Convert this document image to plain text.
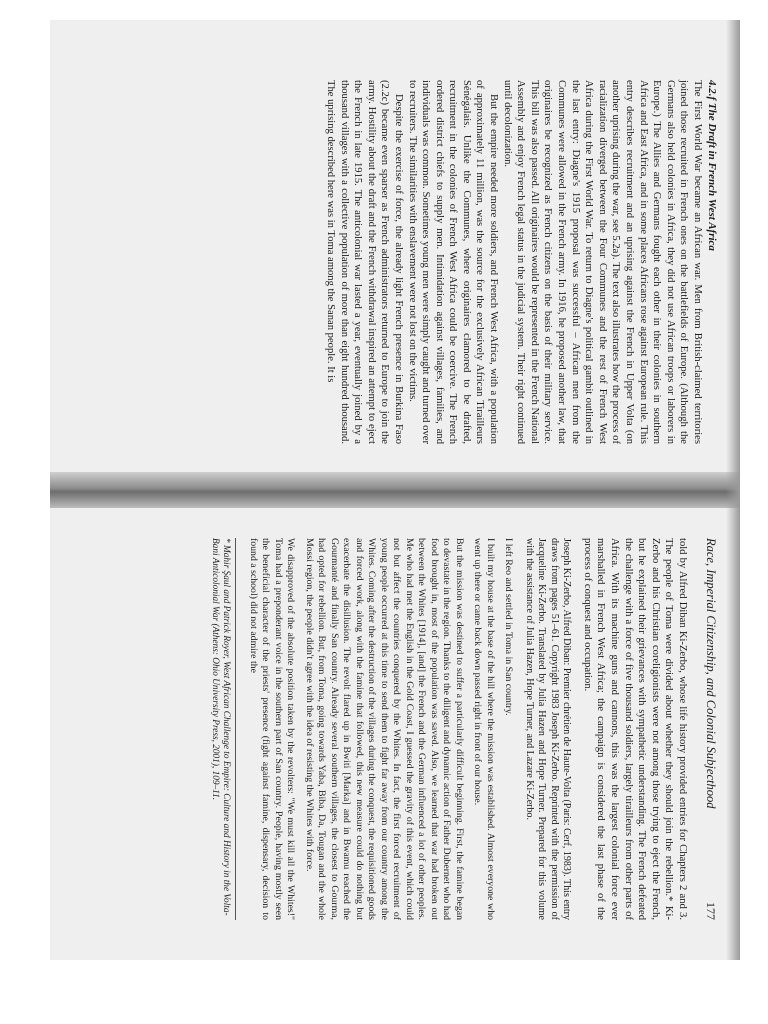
4.2.f The Draft in French West Africa

The First World War became an African war. Men from British-claimed territories joined those recruited in French ones on the battlefields of Europe. (Although the Germans also held colonies in Africa, they did not use African troops or laborers in Europe.) The Allies and Germans fought each other in their colonies in southern Africa and East Africa, and in some places Africans rose against European rule. This entry describes recruitment and an uprising against the French in Upper Volta (on another uprising during the war, see 5.2a). The text also illustrates how the process of racialization diverged between the Four Communes and the rest of French West Africa during the First World War. To return to Diagne's political gambit outlined in the last entry: Diagne's 1915 proposal was successful – African men from the Communes were allowed in the French army. In 1916, he proposed another law, that originaires be recognized as French citizens on the basis of their military service. This bill was also passed. All originaires would be represented in the French National Assembly and enjoy French legal status in the judicial system. Their right continued until decolonization.

But the empire needed more soldiers, and French West Africa, with a population of approximately 11 million, was the source for the exclusively African Tirailleurs Sénégalais. Unlike the Communes, where originaires clamored to be drafted, recruitment in the colonies of French West Africa could be coercive. The French ordered district chiefs to supply men. Intimidation against villages, families, and individuals was common. Sometimes young men were simply caught and turned over to recruiters. The similarities with enslavement were not lost on the victims.

Despite the exercise of force, the already light French presence in Burkina Faso (2.2c) became even sparser as French administrators returned to Europe to join the army. Hostility about the draft and the French withdrawal inspired an attempt to eject the French in late 1915. The anticolonial war lasted a year, eventually joined by a thousand villages with a collective population of more than eight hundred thousand. The uprising described here was in Toma among the Sanan people. It is

Race, Imperial Citizenship, and Colonial Subjecthood
177

told by Alfred Diban Ki-Zerbo, whose life history provided entries for Chapters 2 and 3. The people of Toma were divided about whether they should join the rebellion.* Ki-Zerbo and his Christian coreligionists were not among those trying to eject the French, but he explained their grievances with sympathetic understanding. The French defeated the challenge with a force of five thousand soldiers, largely tirailleurs from other parts of Africa. With its machine guns and cannons, this was the largest colonial force ever marshalled in French West Africa; the campaign is considered the last phase of the process of conquest and occupation.

Joseph Ki-Zerbo, Alfred Diban: Premier chrétien de Haute-Volta (Paris: Cerf, 1983). This entry draws from pages 51–61. Copyright 1983 Joseph Ki-Zerbo. Reprinted with the permission of Jacqueline Ki-Zerbo. Translated by Julia Hazen and Hope Turner. Prepared for this volume with the assistance of Julia Hazen, Hope Turner, and Lazare Ki-Zerbo.

I left Reo and settled in Toma in San country.

I built my house at the base of the hill where the mission was established. Almost everyone who went up there or came back down passed right in front of our house.

But the mission was destined to suffer a particularly difficult beginning. First, the famine began to devastate in the region. Thanks to the diligent and dynamic action of Father Dubernet who had food brought in, most of the population was saved. Also, we learned that war had broken out between the Whites [1914], [and] the French and the German influenced a lot of other peoples. Me who had met the English in the Gold Coast, I guessed the gravity of this event, which could not but affect the countries conquered by the Whites. In fact, the first forced recruitment of young people occurred at this time to send them to fight far away from our country among the Whites. Coming after the destruction of the villages during the conquest, the requisitioned goods and forced work, along with the famine that followed, this new measure could do nothing but exacerbate the disillusion. The revolt flared up in Bwiti [Marka] and in Bwamu reached the Gourmanté and finally San country. Already several southern villages, the closest to Gourma, had opted for rebellion. But, from Toma, going towards Yaba, Biba, Da, Tougan and the whole Mossi region, the people didn't agree with the idea of resisting the Whites with force.

We disapproved of the absolute position taken by the revolters: "We must kill all the Whites!" Toma had a preponderant voice in the southern part of San country. People, having mostly seen the beneficial character of the priests' presence (fight against famine, dispensary, decision to found a school) did not admire the

* Mahir Şaul and Patrick Royer, West African Challenge to Empire: Culture and History in the Volta-Bani Anticolonial War (Athens: Ohio University Press, 2001), 109–11.
